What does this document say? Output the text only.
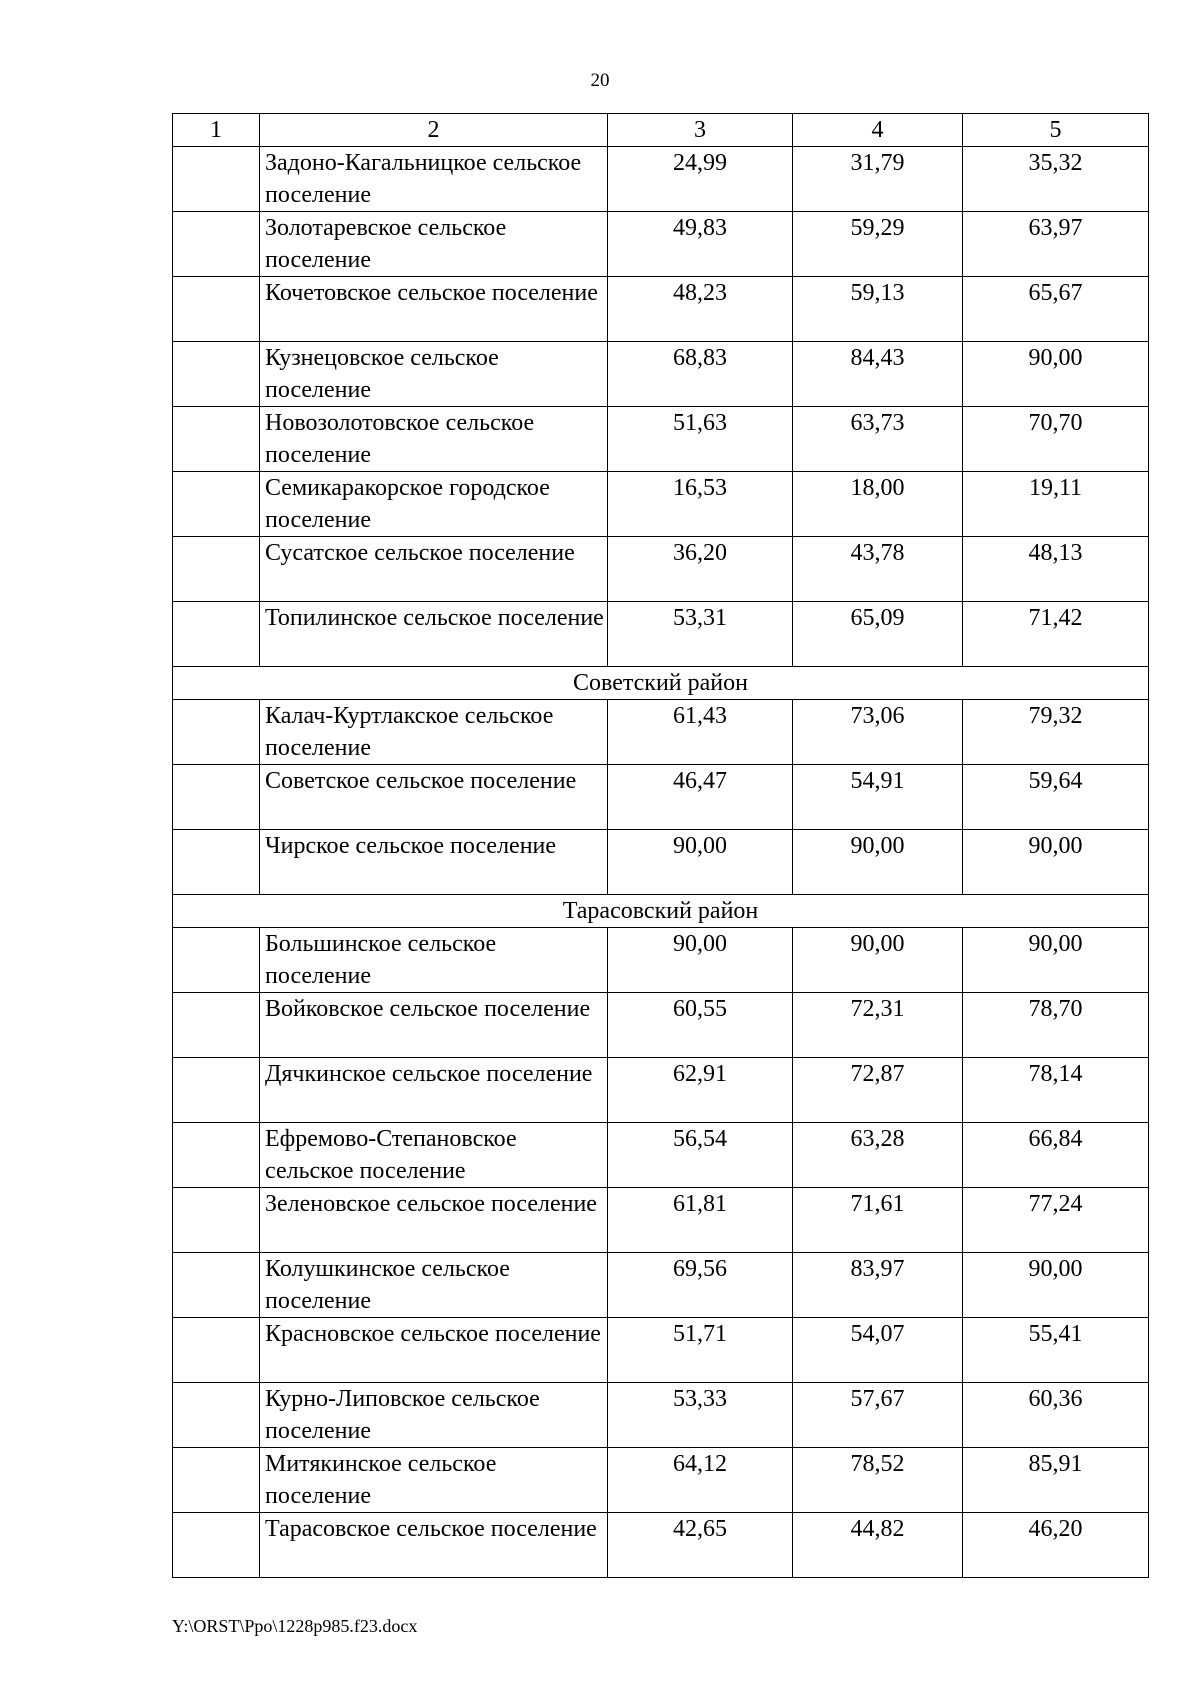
20
1	2	3	4	5
	Задоно-Кагальницкое сельское поселение	24,99	31,79	35,32
	Золотаревское сельское поселение	49,83	59,29	63,97
	Кочетовское сельское поселение	48,23	59,13	65,67
	Кузнецовское сельское поселение	68,83	84,43	90,00
	Новозолотовское сельское поселение	51,63	63,73	70,70
	Семикаракорское городское поселение	16,53	18,00	19,11
	Сусатское сельское поселение	36,20	43,78	48,13
	Топилинское сельское поселение	53,31	65,09	71,42
Советский район				
	Калач-Куртлакское сельское поселение	61,43	73,06	79,32
	Советское сельское поселение	46,47	54,91	59,64
	Чирское сельское поселение	90,00	90,00	90,00
Тарасовский район				
	Большинское сельское поселение	90,00	90,00	90,00
	Войковское сельское поселение	60,55	72,31	78,70
	Дячкинское сельское поселение	62,91	72,87	78,14
	Ефремово-Степановское сельское поселение	56,54	63,28	66,84
	Зеленовское сельское поселение	61,81	71,61	77,24
	Колушкинское сельское поселение	69,56	83,97	90,00
	Красновское сельское поселение	51,71	54,07	55,41
	Курно-Липовское сельское поселение	53,33	57,67	60,36
	Митякинское сельское поселение	64,12	78,52	85,91
	Тарасовское сельское поселение	42,65	44,82	46,20
Y:\ORST\Ppo\1228p985.f23.docx
